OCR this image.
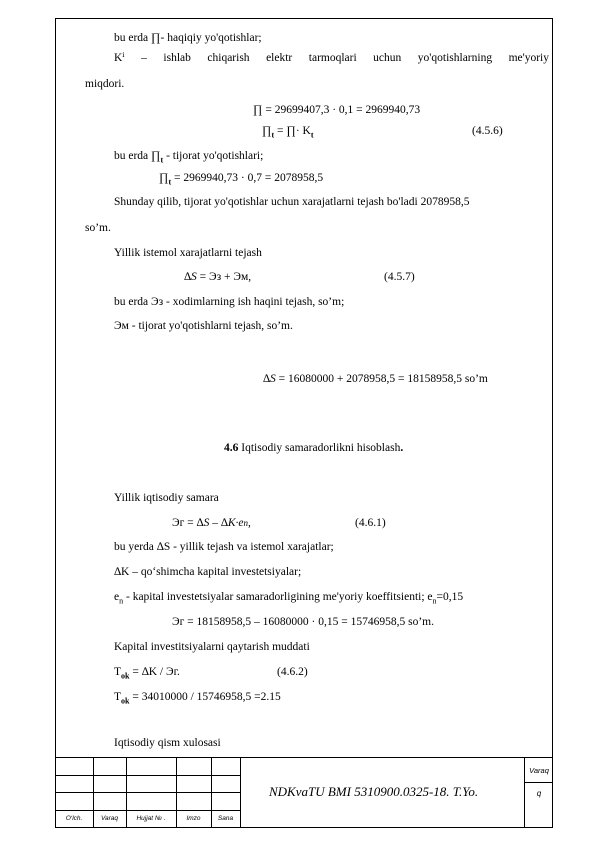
bu erda ∏- haqiqiy yo'qotishlar;
Kⁱ – ishlab chiqarish elektr tarmoqlari uchun yo'qotishlarning me'yoriy
miqdori.
∏ = 29699407,3 · 0,1 = 2969940,73
$\prod_t$ = ∏· $K_t$	(4.5.6)
bu erda $\prod_t$ - tijorat yo'qotishlari;
$\prod_t = 2969940,73 \cdot 0,7 = 2078958,5$
Shunday qilib, tijorat yo'qotishlar uchun xarajatlarni tejash bo'ladi 2078958,5
so’m.
Yillik istemol xarajatlarni tejash
∆S = Эз + Эм,	(4.5.7)
bu erda Эз - xodimlarning ish haqini tejash, so’m;
Эм - tijorat yo'qotishlarni tejash, so’m.
∆S = 16080000 + 2078958,5 = 18158958,5 so’m
4.6 Iqtisodiy samaradorlikni hisoblash.
Yillik iqtisodiy samara
Эг = ∆S – ∆К·еn,	(4.6.1)
bu yerda ∆S - yillik tejash va istemol xarajatlar;
∆K – qo‘shimcha kapital investetsiyalar;
$e_n$ - kapital investetsiyalar samaradorligining me'yoriy koeffitsienti; $e_n=0,15$
Эг = 18158958,5 – 16080000 · 0,15 = 15746958,5 so’m.
Kapital investitsiyalarni qaytarish muddati
$T_{ok} = \Delta K$ / Эг.	(4.6.2)
$T_{ok} = 34010000 / 15746958,5 =2.15$
Iqtisodiy qism xulosasi
NDKvaTU BMI 5310900.0325-18. T.Yo.
Varaq
q
O‘lch.	Varaq	Hujjat № .	Imzo	Sana
